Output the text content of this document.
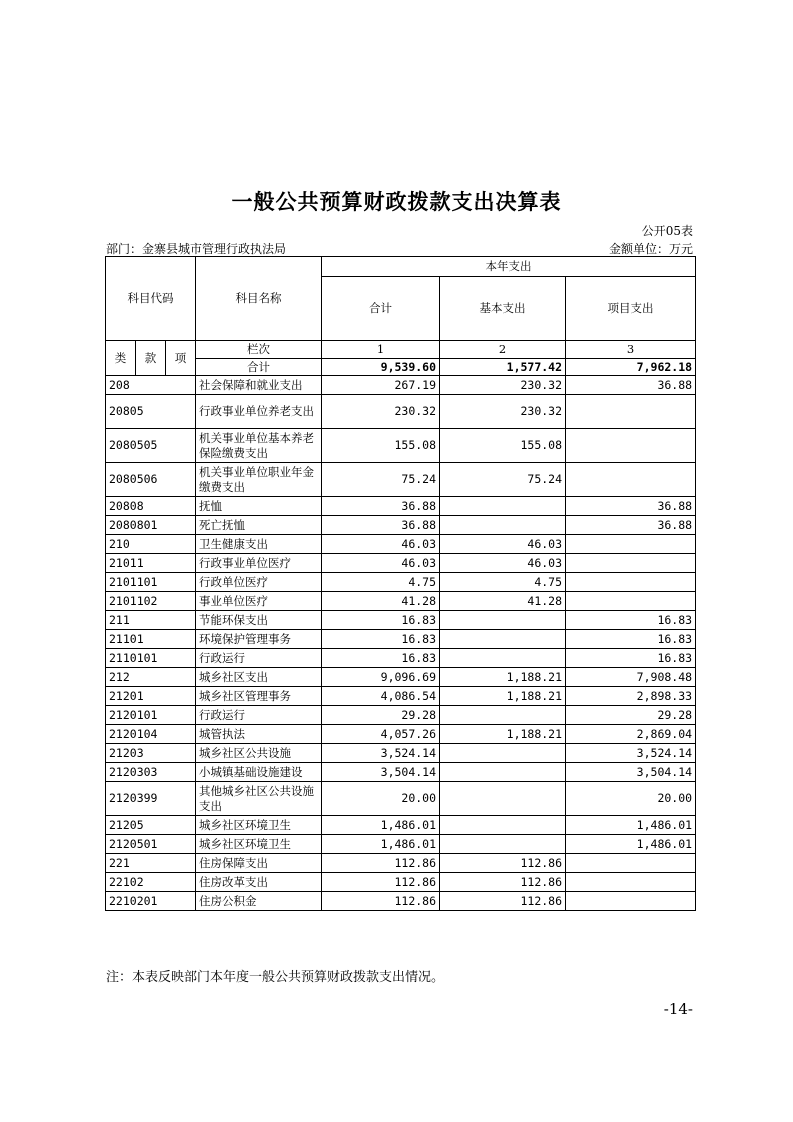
一般公共预算财政拨款支出决算表
公开05表
部门：金寨县城市管理行政执法局	金额单位：万元
科目代码			科目名称	本年支出		
				合计	基本支出	项目支出
类	款	项	栏次	1	2	3
			合计	9,539.60	1,577.42	7,962.18
208			社会保障和就业支出	267.19	230.32	36.88
20805			行政事业单位养老支出	230.32	230.32	
2080505			机关事业单位基本养老保险缴费支出	155.08	155.08	
2080506			机关事业单位职业年金缴费支出	75.24	75.24	
20808			抚恤	36.88		36.88
2080801			死亡抚恤	36.88		36.88
210			卫生健康支出	46.03	46.03	
21011			行政事业单位医疗	46.03	46.03	
2101101			行政单位医疗	4.75	4.75	
2101102			事业单位医疗	41.28	41.28	
211			节能环保支出	16.83		16.83
21101			环境保护管理事务	16.83		16.83
2110101			行政运行	16.83		16.83
212			城乡社区支出	9,096.69	1,188.21	7,908.48
21201			城乡社区管理事务	4,086.54	1,188.21	2,898.33
2120101			行政运行	29.28		29.28
2120104			城管执法	4,057.26	1,188.21	2,869.04
21203			城乡社区公共设施	3,524.14		3,524.14
2120303			小城镇基础设施建设	3,504.14		3,504.14
2120399			其他城乡社区公共设施支出	20.00		20.00
21205			城乡社区环境卫生	1,486.01		1,486.01
2120501			城乡社区环境卫生	1,486.01		1,486.01
221			住房保障支出	112.86	112.86	
22102			住房改革支出	112.86	112.86	
2210201			住房公积金	112.86	112.86	
注：本表反映部门本年度一般公共预算财政拨款支出情况。
-14-
